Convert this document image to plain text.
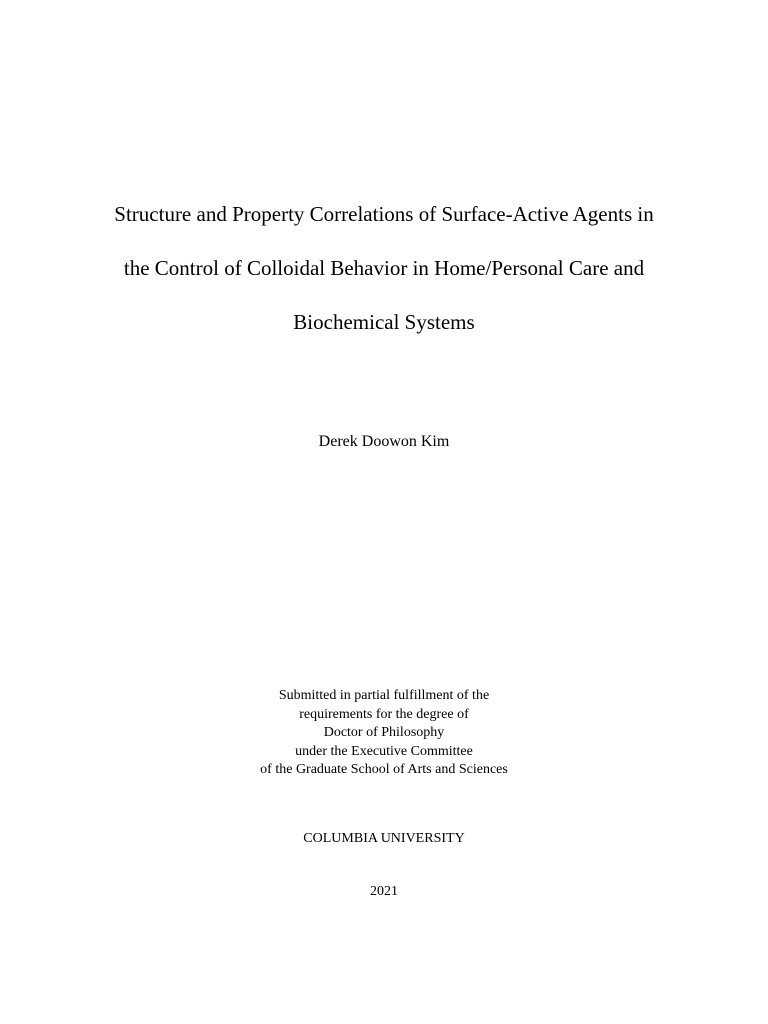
Structure and Property Correlations of Surface-Active Agents in
the Control of Colloidal Behavior in Home/Personal Care and
Biochemical Systems
Derek Doowon Kim
Submitted in partial fulfillment of the
requirements for the degree of
Doctor of Philosophy
under the Executive Committee
of the Graduate School of Arts and Sciences
COLUMBIA UNIVERSITY
2021
